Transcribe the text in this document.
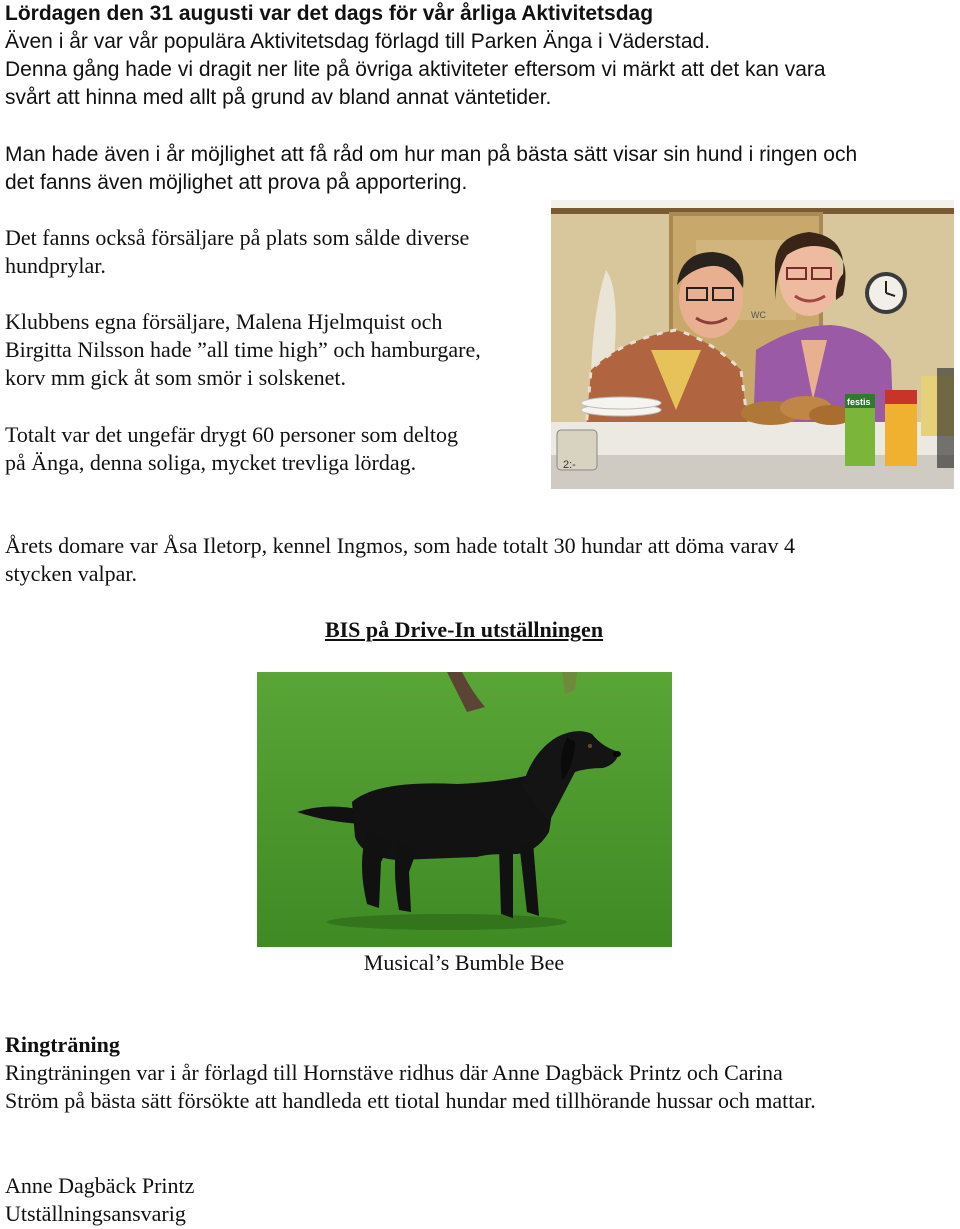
Lördagen den 31 augusti var det dags för vår årliga Aktivitetsdag
Även i år var vår populära Aktivitetsdag förlagd till Parken Änga i Väderstad.
Denna gång hade vi dragit ner lite på övriga aktiviteter eftersom vi märkt att det kan vara
svårt att hinna med allt på grund av bland annat väntetider.
Man hade även i år möjlighet att få råd om hur man på bästa sätt visar sin hund i ringen och
det fanns även möjlighet att prova på apportering.
Det fanns också försäljare på plats som sålde diverse
hundprylar.
Klubbens egna försäljare, Malena Hjelmquist och
Birgitta Nilsson hade ”all time high” och hamburgare,
korv mm gick åt som smör i solskenet.
Totalt var det ungefär drygt 60 personer som deltog
på Änga, denna soliga, mycket trevliga lördag.
WC
festis
2:-
Årets domare var Åsa Iletorp, kennel Ingmos, som hade totalt 30 hundar att döma varav 4
stycken valpar.
BIS på Drive-In utställningen
Musical’s Bumble Bee
Ringträning
Ringträningen var i år förlagd till Hornstäve ridhus där Anne Dagbäck Printz och Carina
Ström på bästa sätt försökte att handleda ett tiotal hundar med tillhörande hussar och mattar.
Anne Dagbäck Printz
Utställningsansvarig
